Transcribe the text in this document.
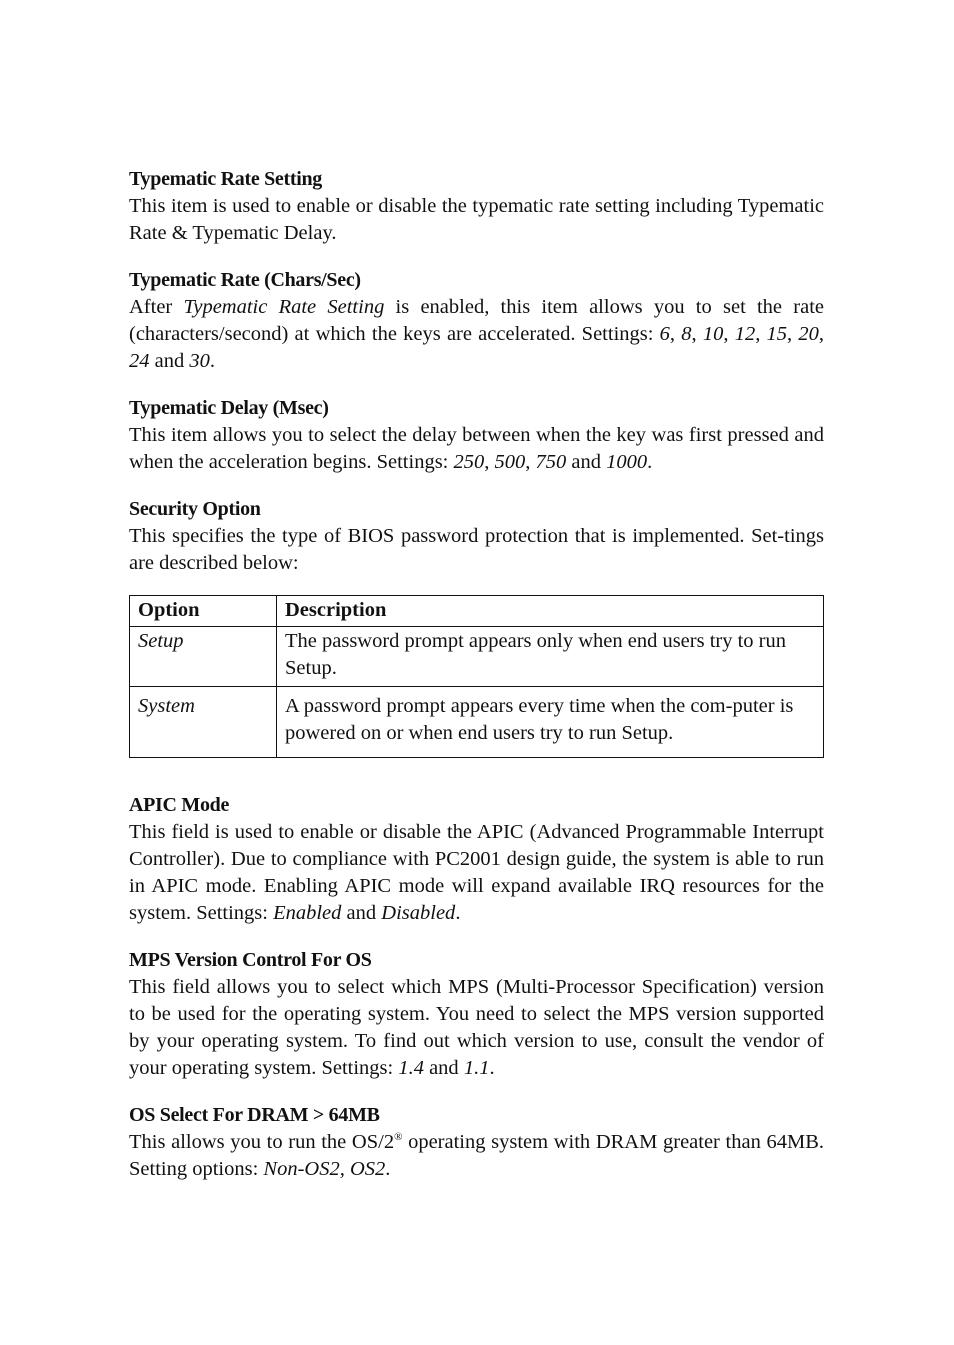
Typematic Rate Setting

This item is used to enable or disable the typematic rate setting including Typematic Rate & Typematic Delay.

Typematic Rate (Chars/Sec)

After Typematic Rate Setting is enabled, this item allows you to set the rate (characters/second) at which the keys are accelerated. Settings: 6, 8, 10, 12, 15, 20, 24 and 30.

Typematic Delay (Msec)

This item allows you to select the delay between when the key was first pressed and when the acceleration begins. Settings: 250, 500, 750 and 1000.

Security Option

This specifies the type of BIOS password protection that is implemented. Set-tings are described below:

Option	Description
Setup	The password prompt appears only when end users try to run Setup.
System	A password prompt appears every time when the com-puter is powered on or when end users try to run Setup.
APIC Mode

This field is used to enable or disable the APIC (Advanced Programmable Interrupt Controller). Due to compliance with PC2001 design guide, the system is able to run in APIC mode. Enabling APIC mode will expand available IRQ resources for the system. Settings: Enabled and Disabled.

MPS Version Control For OS

This field allows you to select which MPS (Multi-Processor Specification) version to be used for the operating system. You need to select the MPS version supported by your operating system. To find out which version to use, consult the vendor of your operating system. Settings: 1.4 and 1.1.

OS Select For DRAM > 64MB

This allows you to run the OS/2® operating system with DRAM greater than 64MB. Setting options: Non-OS2, OS2.
